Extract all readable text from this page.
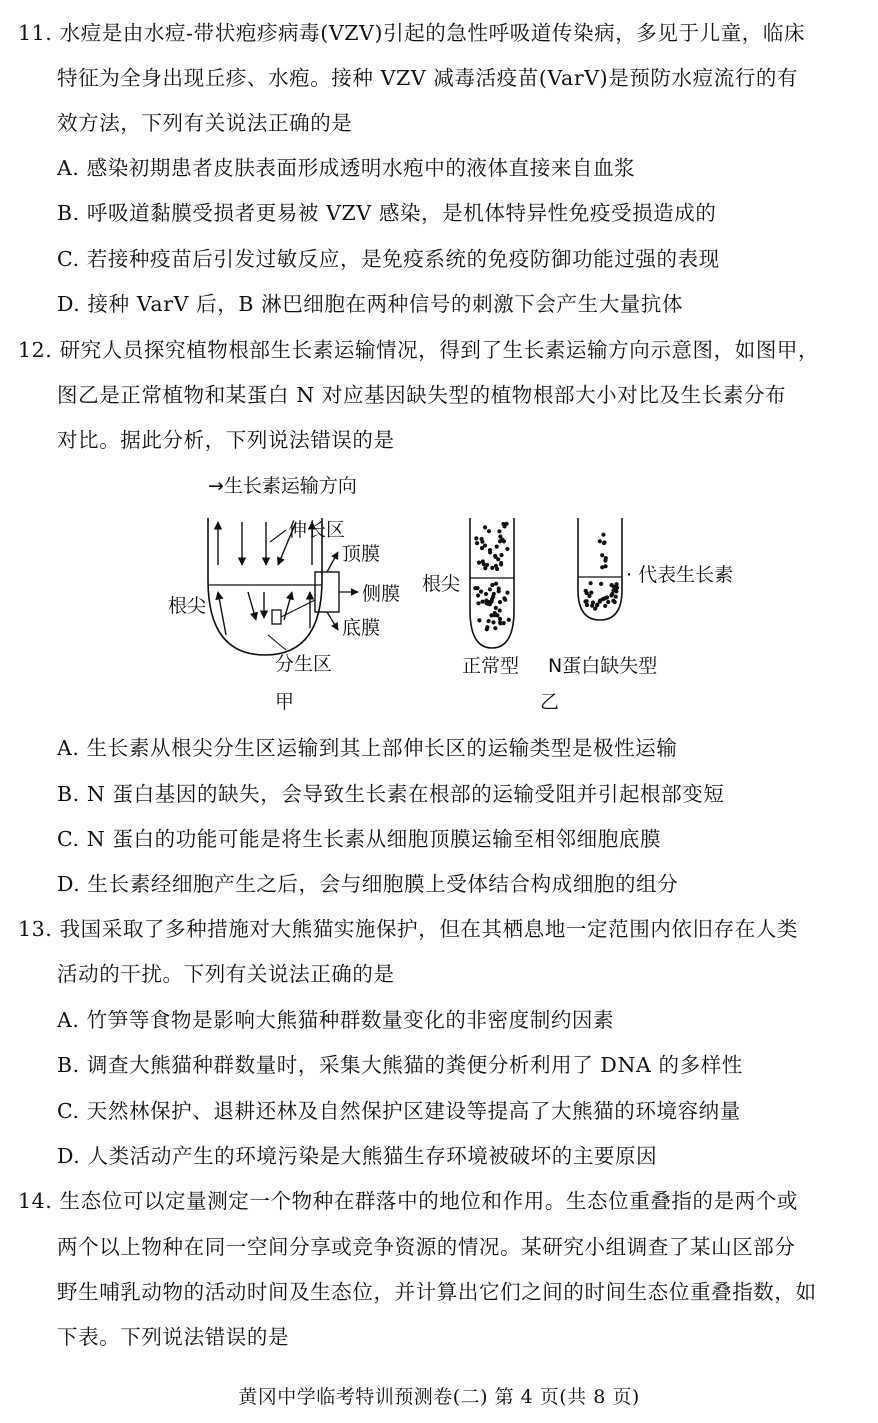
11. 水痘是由水痘-带状疱疹病毒(VZV)引起的急性呼吸道传染病，多见于儿童，临床
特征为全身出现丘疹、水疱。接种 VZV 减毒活疫苗(VarV)是预防水痘流行的有
效方法，下列有关说法正确的是
A. 感染初期患者皮肤表面形成透明水疱中的液体直接来自血浆
B. 呼吸道黏膜受损者更易被 VZV 感染，是机体特异性免疫受损造成的
C. 若接种疫苗后引发过敏反应，是免疫系统的免疫防御功能过强的表现
D. 接种 VarV 后，B 淋巴细胞在两种信号的刺激下会产生大量抗体
12. 研究人员探究植物根部生长素运输情况，得到了生长素运输方向示意图，如图甲，
图乙是正常植物和某蛋白 N 对应基因缺失型的植物根部大小对比及生长素分布
对比。据此分析，下列说法错误的是
→生长素运输方向
伸长区
顶膜
侧膜
底膜
根尖
分生区
甲
根尖
正常型 N蛋白缺失型
· 代表生长素
乙
A. 生长素从根尖分生区运输到其上部伸长区的运输类型是极性运输
B. N 蛋白基因的缺失，会导致生长素在根部的运输受阻并引起根部变短
C. N 蛋白的功能可能是将生长素从细胞顶膜运输至相邻细胞底膜
D. 生长素经细胞产生之后，会与细胞膜上受体结合构成细胞的组分
13. 我国采取了多种措施对大熊猫实施保护，但在其栖息地一定范围内依旧存在人类
活动的干扰。下列有关说法正确的是
A. 竹笋等食物是影响大熊猫种群数量变化的非密度制约因素
B. 调查大熊猫种群数量时，采集大熊猫的粪便分析利用了 DNA 的多样性
C. 天然林保护、退耕还林及自然保护区建设等提高了大熊猫的环境容纳量
D. 人类活动产生的环境污染是大熊猫生存环境被破坏的主要原因
14. 生态位可以定量测定一个物种在群落中的地位和作用。生态位重叠指的是两个或
两个以上物种在同一空间分享或竞争资源的情况。某研究小组调查了某山区部分
野生哺乳动物的活动时间及生态位，并计算出它们之间的时间生态位重叠指数，如
下表。下列说法错误的是
黄冈中学临考特训预测卷(二) 第 4 页(共 8 页)
